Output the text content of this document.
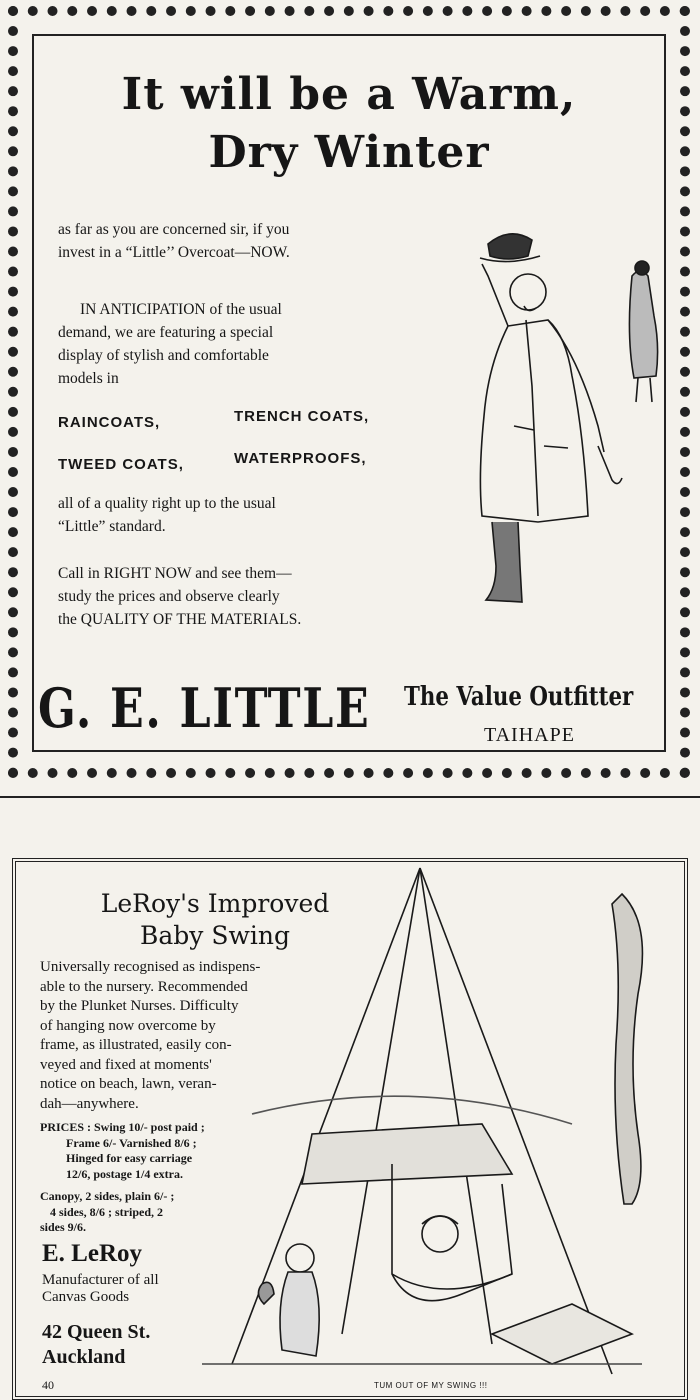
It will be a Warm,
Dry Winter
as far as you are concerned sir, if you
invest in a “Little’’ Overcoat—NOW.
IN ANTICIPATION of the usual
demand, we are featuring a special
display of stylish and comfortable
models in
RAINCOATS,	TRENCH COATS,
TWEED COATS,	WATERPROOFS,
all of a quality right up to the usual
“Little” standard.
Call in RIGHT NOW and see them—
study the prices and observe clearly
the QUALITY OF THE MATERIALS.
G. E. LITTLE The Value Outfitter
TAIHAPE
LeRoy's Improved
Baby Swing
Universally recognised as indispens-
able to the nursery. Recommended
by the Plunket Nurses. Difficulty
of hanging now overcome by
frame, as illustrated, easily con-
veyed and fixed at moments'
notice on beach, lawn, veran-
dah—anywhere.
PRICES : Swing 10/- post paid ;
Frame 6/- Varnished 8/6 ;
Hinged for easy carriage
12/6, postage 1/4 extra.
Canopy, 2 sides, plain 6/- ;
4 sides, 8/6 ; striped, 2
sides 9/6.
E. LeRoy
Manufacturer of all
Canvas Goods
42 Queen St.
Auckland
40	TUM OUT OF MY SWING !!!
